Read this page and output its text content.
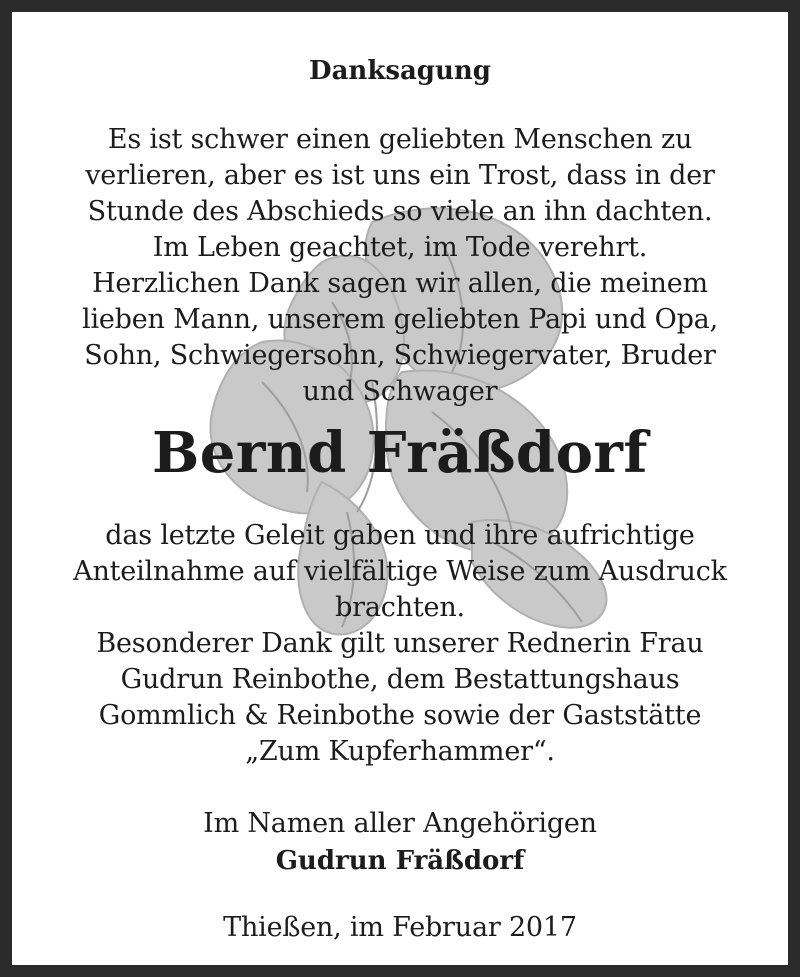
Danksagung
Es ist schwer einen geliebten Menschen zu
verlieren, aber es ist uns ein Trost, dass in der
Stunde des Abschieds so viele an ihn dachten.
Im Leben geachtet, im Tode verehrt.
Herzlichen Dank sagen wir allen, die meinem
lieben Mann, unserem geliebten Papi und Opa,
Sohn, Schwiegersohn, Schwiegervater, Bruder
und Schwager
Bernd Fräßdorf
das letzte Geleit gaben und ihre aufrichtige
Anteilnahme auf vielfältige Weise zum Ausdruck
brachten.
Besonderer Dank gilt unserer Rednerin Frau
Gudrun Reinbothe, dem Bestattungshaus
Gommlich & Reinbothe sowie der Gaststätte
„Zum Kupferhammer“.
Im Namen aller Angehörigen
Gudrun Fräßdorf
Thießen, im Februar 2017
